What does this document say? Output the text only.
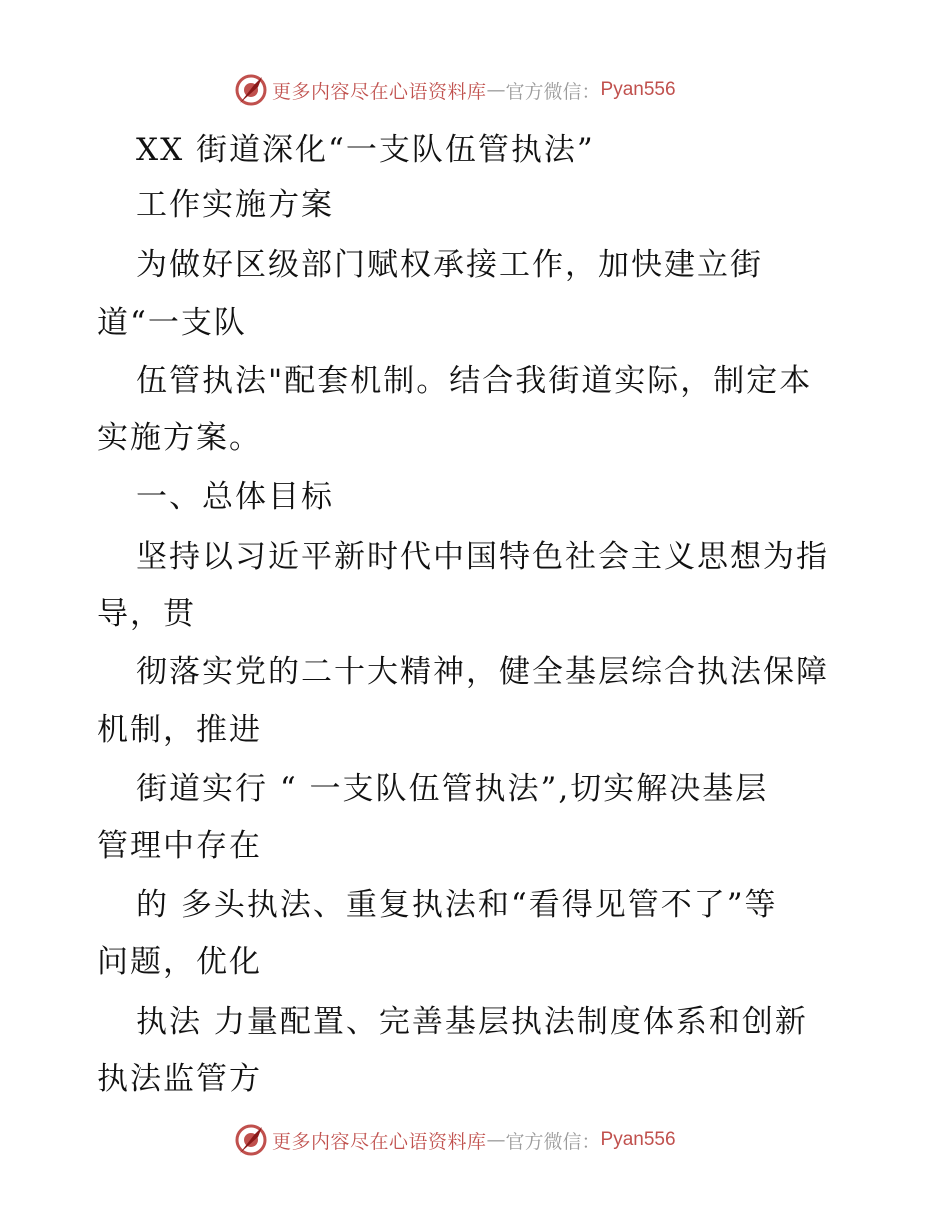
更多内容尽在心语资料库 — 官方微信： Pyan556
XX 街道深化“一支队伍管执法”
工作实施方案
为做好区级部门赋权承接工作，加快建立街
道“一支队
伍管执法"配套机制。结合我街道实际，制定本
实施方案。
一、总体目标
坚持以习近平新时代中国特色社会主义思想为指
导，贯
彻落实党的二十大精神，健全基层综合执法保障
机制，推进
街道实行 “ 一支队伍管执法”,切实解决基层
管理中存在
的 多头执法、重复执法和“看得见管不了”等
问题，优化
执法 力量配置、完善基层执法制度体系和创新
执法监管方
更多内容尽在心语资料库 — 官方微信： Pyan556
